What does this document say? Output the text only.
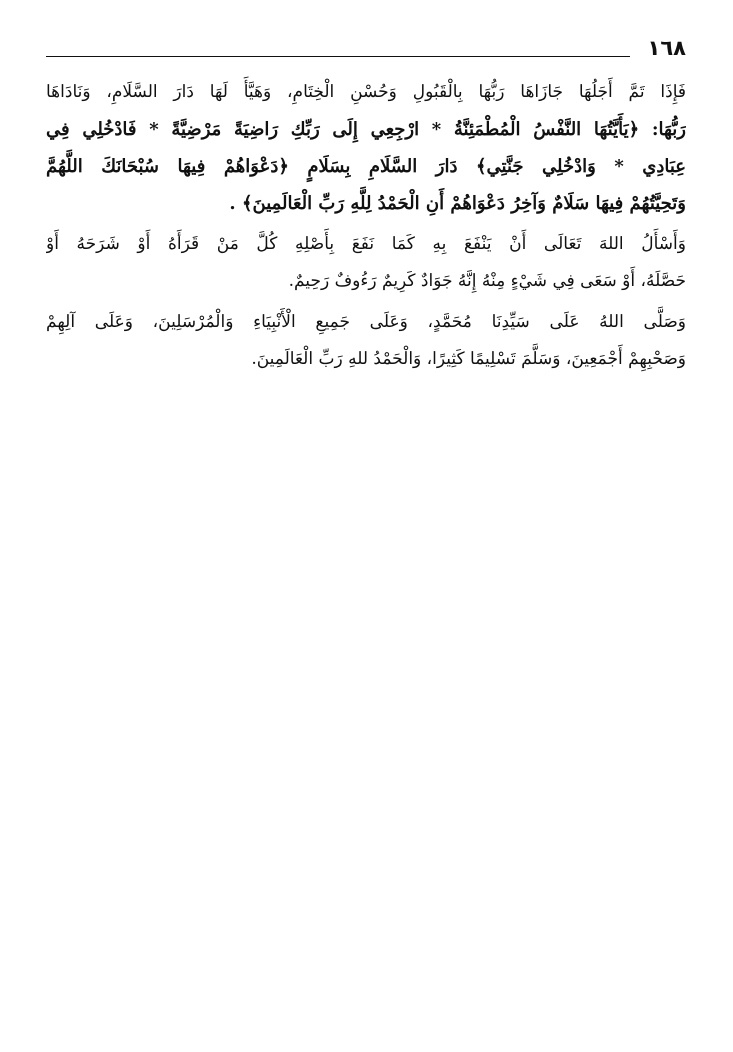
١٦٨
فَإِذَا تَمَّ أَجَلُهَا جَازَاهَا رَبُّهَا بِالْقَبُولِ وَحُسْنِ الْخِتَامِ، وَهَيَّأَ لَهَا دَارَ السَّلَامِ، وَنَادَاهَا
رَبُّهَا: ﴿يَأَيَّتُهَا النَّفْسُ الْمُطْمَئِنَّةُ * ارْجِعِي إِلَى رَبِّكِ رَاضِيَةً مَرْضِيَّةً * فَادْخُلِي فِي
عِبَادِي * وَادْخُلِي جَنَّتِي﴾ دَارَ السَّلَامِ بِسَلَامٍ ﴿دَعْوَاهُمْ فِيهَا سُبْحَانَكَ اللَّهُمَّ
وَتَحِيَّتُهُمْ فِيهَا سَلَامٌ وَآخِرُ دَعْوَاهُمْ أَنِ الْحَمْدُ لِلَّهِ رَبِّ الْعَالَمِينَ﴾ .
وَأَسْأَلُ اللهَ تَعَالَى أَنْ يَنْفَعَ بِهِ كَمَا نَفَعَ بِأَصْلِهِ كُلَّ مَنْ قَرَأَهُ أَوْ شَرَحَهُ أَوْ
حَصَّلَهُ، أَوْ سَعَى فِي شَيْءٍ مِنْهُ إِنَّهُ جَوَادٌ كَرِيمٌ رَءُوفٌ رَحِيمٌ.
وَصَلَّى اللهُ عَلَى سَيِّدِنَا مُحَمَّدٍ، وَعَلَى جَمِيعِ الْأَنْبِيَاءِ وَالْمُرْسَلِينَ، وَعَلَى آلِهِمْ
وَصَحْبِهِمْ أَجْمَعِينَ، وَسَلَّمَ تَسْلِيمًا كَثِيرًا، وَالْحَمْدُ للهِ رَبِّ الْعَالَمِينَ.
